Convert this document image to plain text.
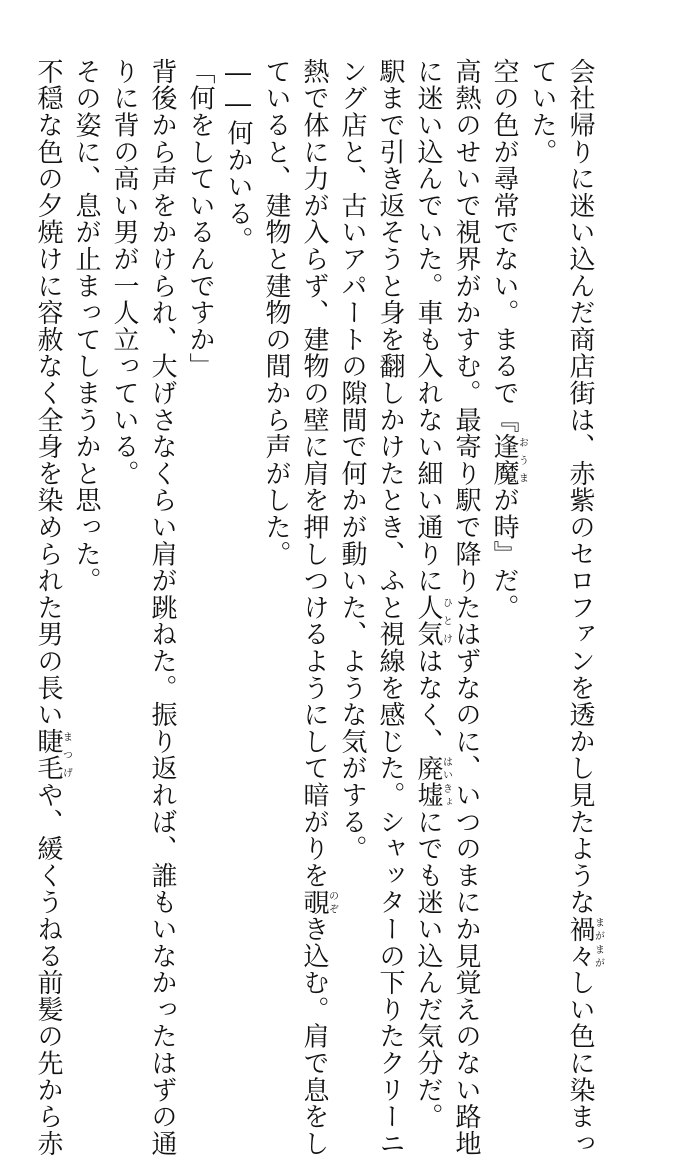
会社帰りに迷い込んだ商店街は、赤紫のセロファンを透かし見たような禍々まがまがしい色に染まっ
ていた。
空の色が尋常でない。まるで『逢魔おうまが時』だ。
高熱のせいで視界がかすむ。最寄り駅で降りたはずなのに、いつのまにか見覚えのない路地
に迷い込んでいた。車も入れない細い通りに人気ひとけはなく、廃墟はいきょにでも迷い込んだ気分だ。
駅まで引き返そうと身を翻しかけたとき、ふと視線を感じた。シャッターの下りたクリーニ
ング店と、古いアパートの隙間で何かが動いた、ような気がする。
熱で体に力が入らず、建物の壁に肩を押しつけるようにして暗がりを覗のぞき込む。肩で息をし
ていると、建物と建物の間から声がした。
――何かいる。
「何をしているんですか」
背後から声をかけられ、大げさなくらい肩が跳ねた。振り返れば、誰もいなかったはずの通
りに背の高い男が一人立っている。
その姿に、息が止まってしまうかと思った。
不穏な色の夕焼けに容赦なく全身を染められた男の長い睫毛まつげや、緩くうねる前髪の先から赤
